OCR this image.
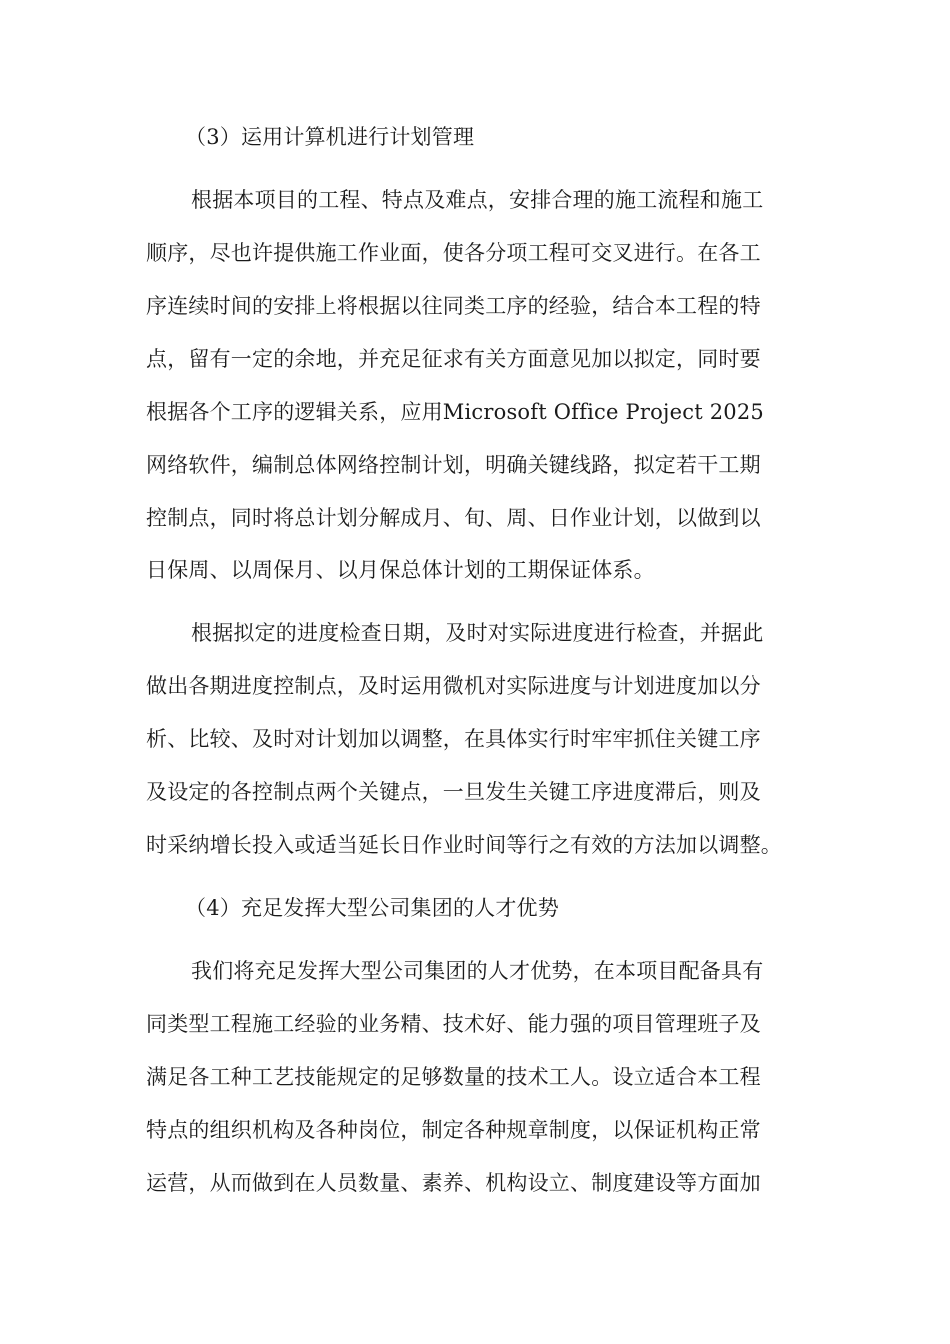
（3）运用计算机进行计划管理
根据本项目的工程、特点及难点，安排合理的施工流程和施工
顺序，尽也许提供施工作业面，使各分项工程可交叉进行。在各工
序连续时间的安排上将根据以往同类工序的经验，结合本工程的特
点，留有一定的余地，并充足征求有关方面意见加以拟定，同时要
根据各个工序的逻辑关系，应用Microsoft Office Project 2025
网络软件，编制总体网络控制计划，明确关键线路，拟定若干工期
控制点，同时将总计划分解成月、旬、周、日作业计划，以做到以
日保周、以周保月、以月保总体计划的工期保证体系。
根据拟定的进度检查日期，及时对实际进度进行检查，并据此
做出各期进度控制点，及时运用微机对实际进度与计划进度加以分
析、比较、及时对计划加以调整，在具体实行时牢牢抓住关键工序
及设定的各控制点两个关键点，一旦发生关键工序进度滞后，则及
时采纳增长投入或适当延长日作业时间等行之有效的方法加以调整。
（4）充足发挥大型公司集团的人才优势
我们将充足发挥大型公司集团的人才优势，在本项目配备具有
同类型工程施工经验的业务精、技术好、能力强的项目管理班子及
满足各工种工艺技能规定的足够数量的技术工人。设立适合本工程
特点的组织机构及各种岗位，制定各种规章制度，以保证机构正常
运营，从而做到在人员数量、素养、机构设立、制度建设等方面加
